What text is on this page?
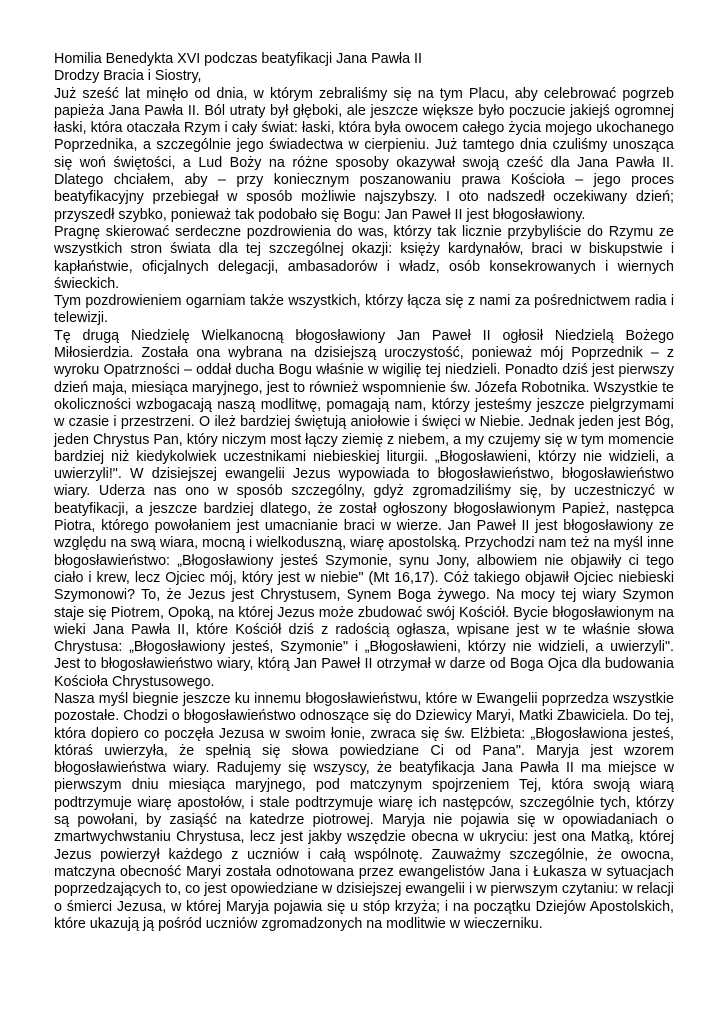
Homilia Benedykta XVI podczas beatyfikacji Jana Pawła II

Drodzy Bracia i Siostry,

Już sześć lat minęło od dnia, w którym zebraliśmy się na tym Placu, aby celebrować pogrzeb papieża Jana Pawła II. Ból utraty był głęboki, ale jeszcze większe było poczucie jakiejś ogromnej łaski, która otaczała Rzym i cały świat: łaski, która była owocem całego życia mojego ukochanego Poprzednika, a szczególnie jego świadectwa w cierpieniu. Już tamtego dnia czuliśmy unosząca się woń świętości, a Lud Boży na różne sposoby okazywał swoją cześć dla Jana Pawła II. Dlatego chciałem, aby – przy koniecznym poszanowaniu prawa Kościoła – jego proces beatyfikacyjny przebiegał w sposób możliwie najszybszy. I oto nadszedł oczekiwany dzień; przyszedł szybko, ponieważ tak podobało się Bogu: Jan Paweł II jest błogosławiony.

Pragnę skierować serdeczne pozdrowienia do was, którzy tak licznie przybyliście do Rzymu ze wszystkich stron świata dla tej szczególnej okazji: księży kardynałów, braci w biskupstwie i kapłaństwie, oficjalnych delegacji, ambasadorów i władz, osób konsekrowanych i wiernych świeckich.

Tym pozdrowieniem ogarniam także wszystkich, którzy łącza się z nami za pośrednictwem radia i telewizji.

Tę drugą Niedzielę Wielkanocną błogosławiony Jan Paweł II ogłosił Niedzielą Bożego Miłosierdzia. Została ona wybrana na dzisiejszą uroczystość, ponieważ mój Poprzednik – z wyroku Opatrzności – oddał ducha Bogu właśnie w wigilię tej niedzieli. Ponadto dziś jest pierwszy dzień maja, miesiąca maryjnego, jest to również wspomnienie św. Józefa Robotnika. Wszystkie te okoliczności wzbogacają naszą modlitwę, pomagają nam, którzy jesteśmy jeszcze pielgrzymami w czasie i przestrzeni. O ileż bardziej świętują aniołowie i święci w Niebie. Jednak jeden jest Bóg, jeden Chrystus Pan, który niczym most łączy ziemię z niebem, a my czujemy się w tym momencie bardziej niż kiedykolwiek uczestnikami niebieskiej liturgii. „Błogosławieni, którzy nie widzieli, a uwierzyli!". W dzisiejszej ewangelii Jezus wypowiada to błogosławieństwo, błogosławieństwo wiary. Uderza nas ono w sposób szczególny, gdyż zgromadziliśmy się, by uczestniczyć w beatyfikacji, a jeszcze bardziej dlatego, że został ogłoszony błogosławionym Papież, następca Piotra, którego powołaniem jest umacnianie braci w wierze. Jan Paweł II jest błogosławiony ze względu na swą wiara, mocną i wielkoduszną, wiarę apostolską. Przychodzi nam też na myśl inne błogosławieństwo: „Błogosławiony jesteś Szymonie, synu Jony, albowiem nie objawiły ci tego ciało i krew, lecz Ojciec mój, który jest w niebie" (Mt 16,17). Cóż takiego objawił Ojciec niebieski Szymonowi? To, że Jezus jest Chrystusem, Synem Boga żywego. Na mocy tej wiary Szymon staje się Piotrem, Opoką, na której Jezus może zbudować swój Kościół. Bycie błogosławionym na wieki Jana Pawła II, które Kościół dziś z radością ogłasza, wpisane jest w te właśnie słowa Chrystusa: „Błogosławiony jesteś, Szymonie" i „Błogosławieni, którzy nie widzieli, a uwierzyli". Jest to błogosławieństwo wiary, którą Jan Paweł II otrzymał w darze od Boga Ojca dla budowania Kościoła Chrystusowego.

Nasza myśl biegnie jeszcze ku innemu błogosławieństwu, które w Ewangelii poprzedza wszystkie pozostałe. Chodzi o błogosławieństwo odnoszące się do Dziewicy Maryi, Matki Zbawiciela. Do tej, która dopiero co poczęła Jezusa w swoim łonie, zwraca się św. Elżbieta: „Błogosławiona jesteś, któraś uwierzyła, że spełnią się słowa powiedziane Ci od Pana". Maryja jest wzorem błogosławieństwa wiary. Radujemy się wszyscy, że beatyfikacja Jana Pawła II ma miejsce w pierwszym dniu miesiąca maryjnego, pod matczynym spojrzeniem Tej, która swoją wiarą podtrzymuje wiarę apostołów, i stale podtrzymuje wiarę ich następców, szczególnie tych, którzy są powołani, by zasiąść na katedrze piotrowej. Maryja nie pojawia się w opowiadaniach o zmartwychwstaniu Chrystusa, lecz jest jakby wszędzie obecna w ukryciu: jest ona Matką, której Jezus powierzył każdego z uczniów i całą wspólnotę. Zauważmy szczególnie, że owocna, matczyna obecność Maryi została odnotowana przez ewangelistów Jana i Łukasza w sytuacjach poprzedzających to, co jest opowiedziane w dzisiejszej ewangelii i w pierwszym czytaniu: w relacji o śmierci Jezusa, w której Maryja pojawia się u stóp krzyża; i na początku Dziejów Apostolskich, które ukazują ją pośród uczniów zgromadzonych na modlitwie w wieczerniku.
